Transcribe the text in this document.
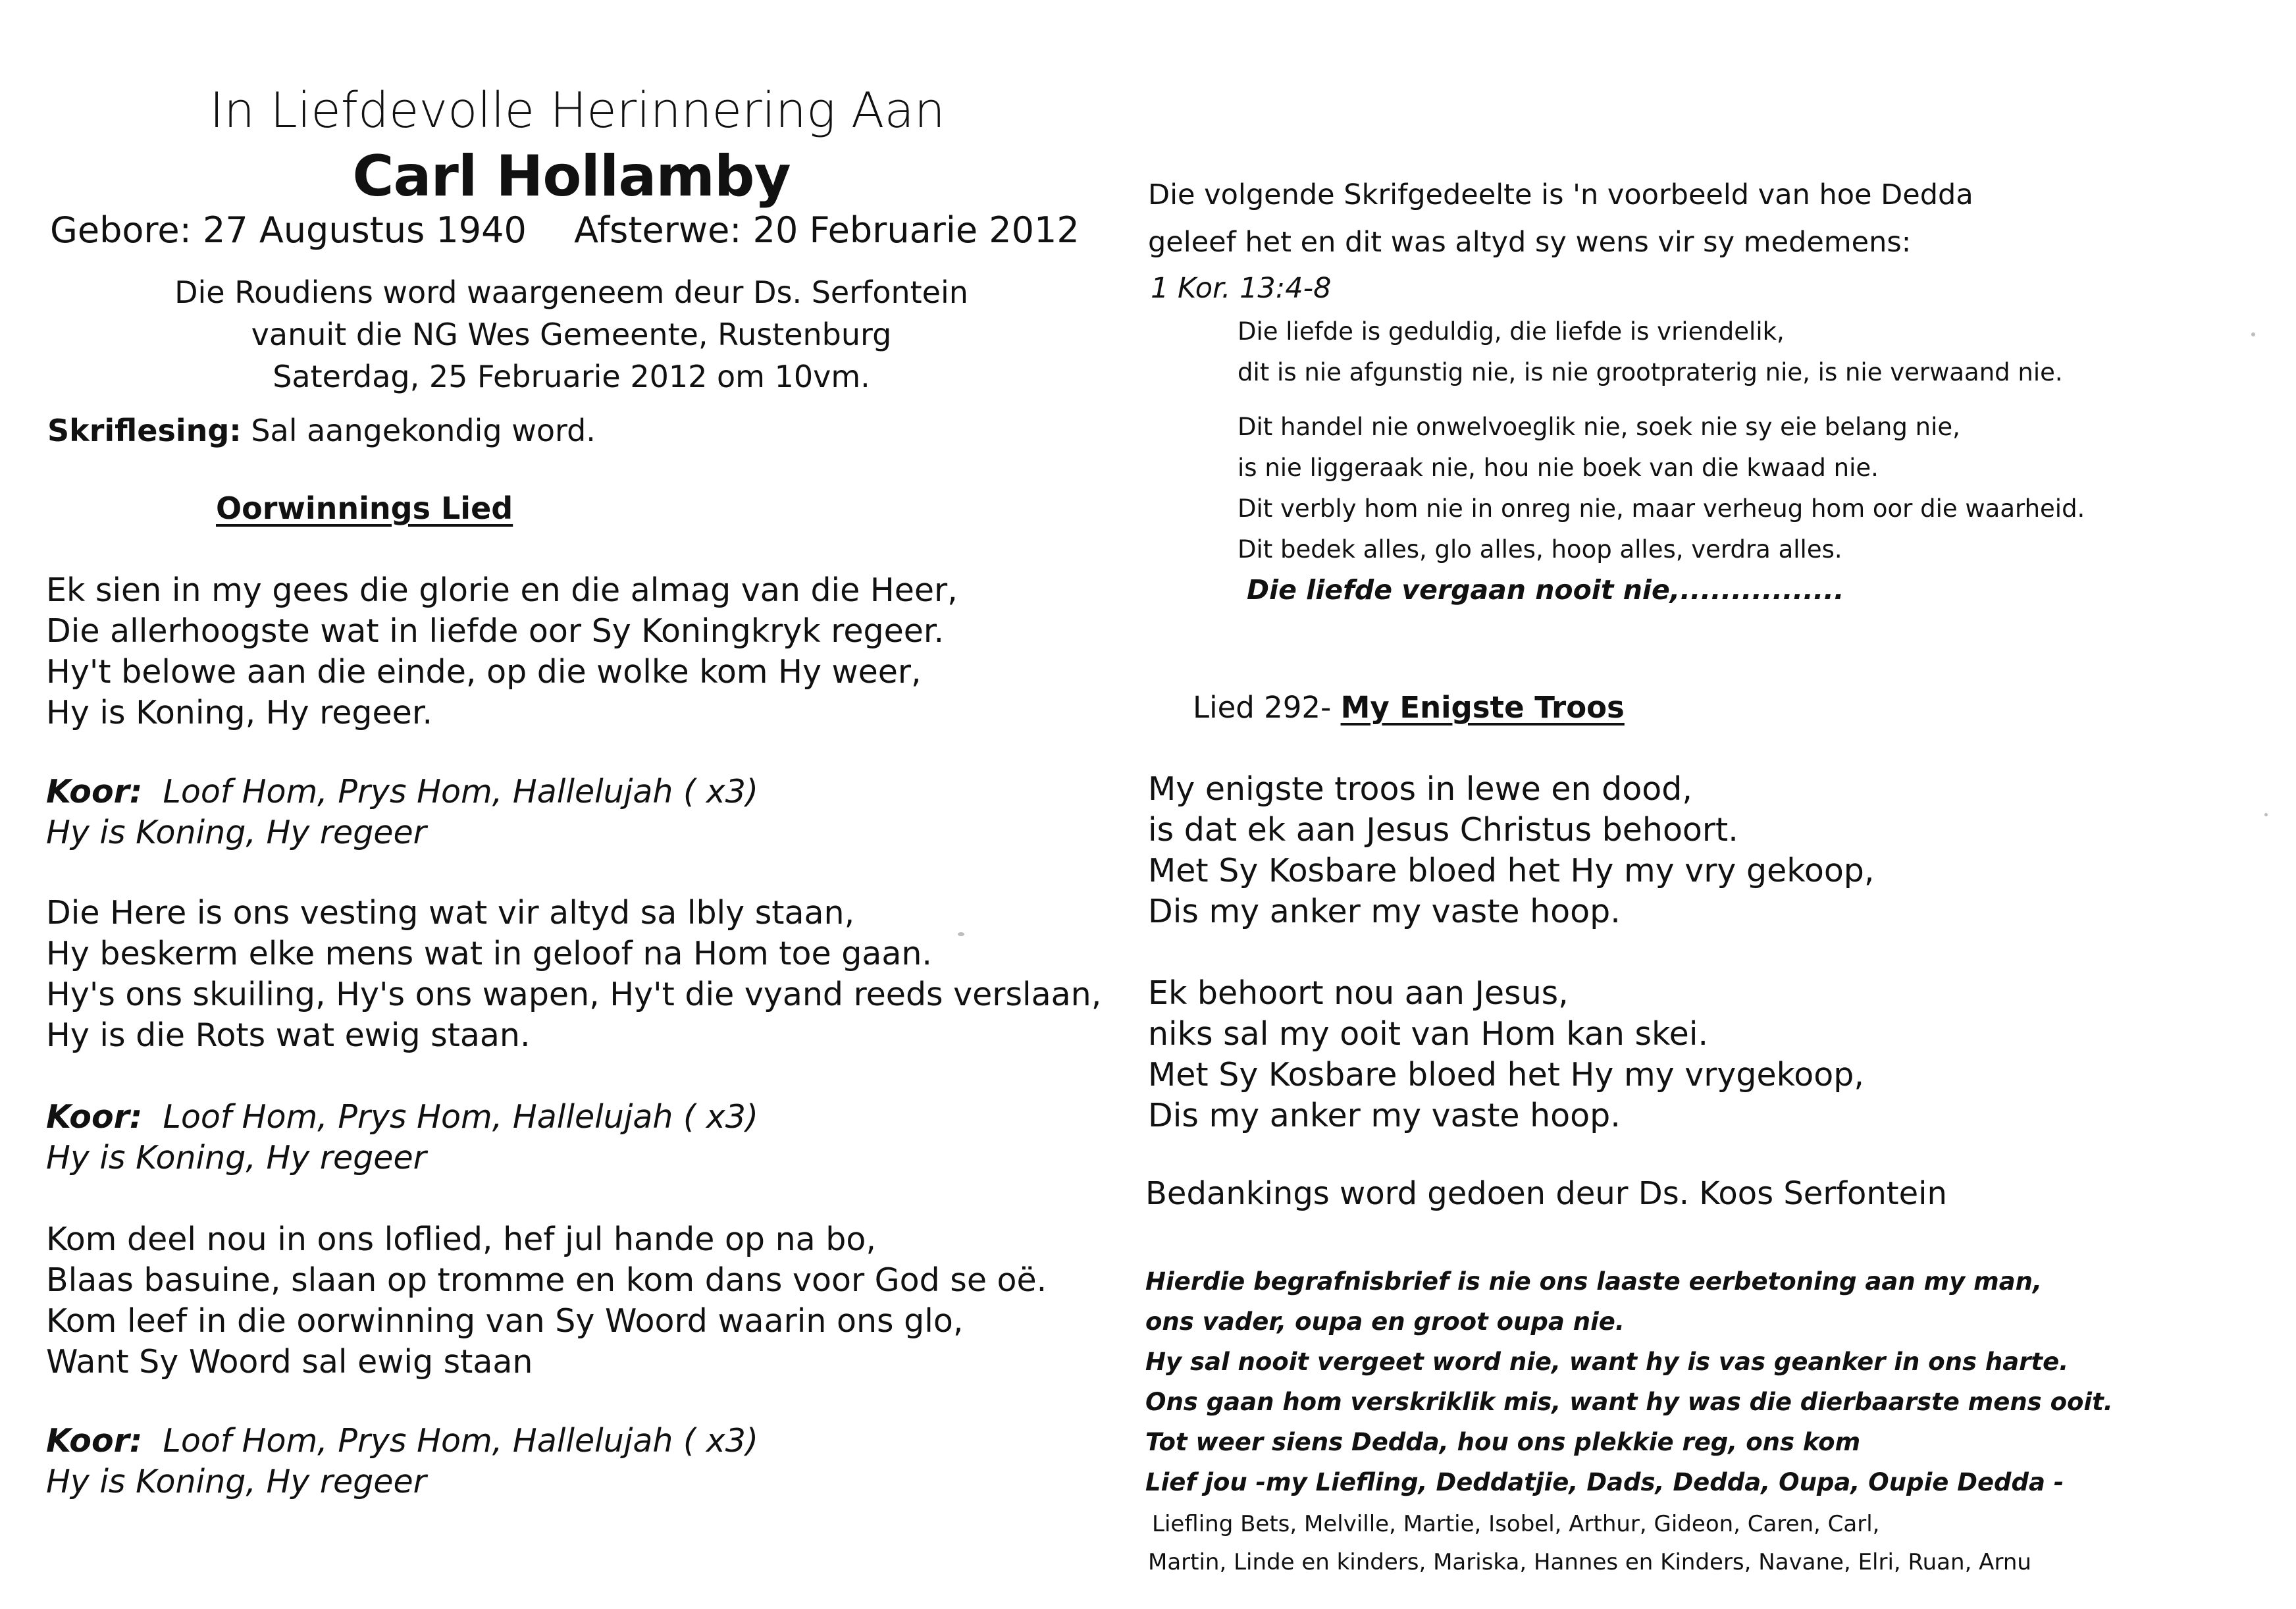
In Liefdevolle Herinnering Aan
Carl Hollamby
Gebore: 27 Augustus 1940 Afsterwe: 20 Februarie 2012
Die Roudiens word waargeneem deur Ds. Serfontein
vanuit die NG Wes Gemeente, Rustenburg
Saterdag, 25 Februarie 2012 om 10vm.
Skriflesing: Sal aangekondig word.
Oorwinnings Lied
Ek sien in my gees die glorie en die almag van die Heer,
Die allerhoogste wat in liefde oor Sy Koningkryk regeer.
Hy't belowe aan die einde, op die wolke kom Hy weer,
Hy is Koning, Hy regeer.
Koor: Loof Hom, Prys Hom, Hallelujah ( x3)
Hy is Koning, Hy regeer
Die Here is ons vesting wat vir altyd sa lbly staan,
Hy beskerm elke mens wat in geloof na Hom toe gaan.
Hy's ons skuiling, Hy's ons wapen, Hy't die vyand reeds verslaan,
Hy is die Rots wat ewig staan.
Koor: Loof Hom, Prys Hom, Hallelujah ( x3)
Hy is Koning, Hy regeer
Kom deel nou in ons loflied, hef jul hande op na bo,
Blaas basuine, slaan op tromme en kom dans voor God se oë.
Kom leef in die oorwinning van Sy Woord waarin ons glo,
Want Sy Woord sal ewig staan
Koor: Loof Hom, Prys Hom, Hallelujah ( x3)
Hy is Koning, Hy regeer
Die volgende Skrifgedeelte is 'n voorbeeld van hoe Dedda
geleef het en dit was altyd sy wens vir sy medemens:
1 Kor. 13:4-8
Die liefde is geduldig, die liefde is vriendelik,
dit is nie afgunstig nie, is nie grootpraterig nie, is nie verwaand nie.
Dit handel nie onwelvoeglik nie, soek nie sy eie belang nie,
is nie liggeraak nie, hou nie boek van die kwaad nie.
Dit verbly hom nie in onreg nie, maar verheug hom oor die waarheid.
Dit bedek alles, glo alles, hoop alles, verdra alles.
Die liefde vergaan nooit nie,................
Lied 292- My Enigste Troos
My enigste troos in lewe en dood,
is dat ek aan Jesus Christus behoort.
Met Sy Kosbare bloed het Hy my vry gekoop,
Dis my anker my vaste hoop.
Ek behoort nou aan Jesus,
niks sal my ooit van Hom kan skei.
Met Sy Kosbare bloed het Hy my vrygekoop,
Dis my anker my vaste hoop.
Bedankings word gedoen deur Ds. Koos Serfontein
Hierdie begrafnisbrief is nie ons laaste eerbetoning aan my man,
ons vader, oupa en groot oupa nie.
Hy sal nooit vergeet word nie, want hy is vas geanker in ons harte.
Ons gaan hom verskriklik mis, want hy was die dierbaarste mens ooit.
Tot weer siens Dedda, hou ons plekkie reg, ons kom
Lief jou -my Liefling, Deddatjie, Dads, Dedda, Oupa, Oupie Dedda -
Liefling Bets, Melville, Martie, Isobel, Arthur, Gideon, Caren, Carl,
Martin, Linde en kinders, Mariska, Hannes en Kinders, Navane, Elri, Ruan, Arnu
